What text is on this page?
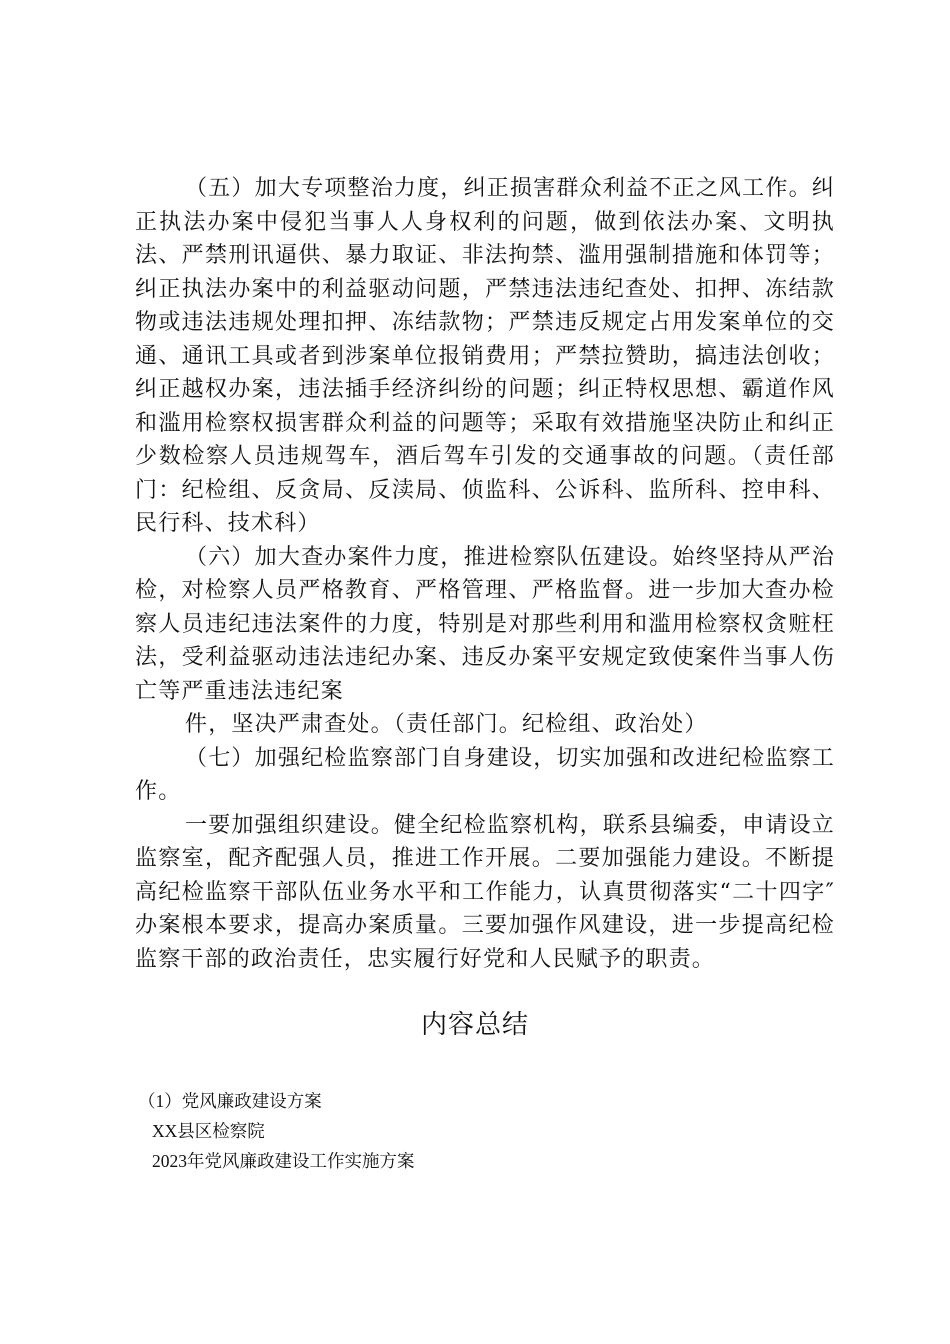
（五）加大专项整治力度，纠正损害群众利益不正之风工作。纠正执法办案中侵犯当事人人身权利的问题，做到依法办案、文明执法、严禁刑讯逼供、暴力取证、非法拘禁、滥用强制措施和体罚等；纠正执法办案中的利益驱动问题，严禁违法违纪查处、扣押、冻结款物或违法违规处理扣押、冻结款物；严禁违反规定占用发案单位的交通、通讯工具或者到涉案单位报销费用；严禁拉赞助，搞违法创收；纠正越权办案，违法插手经济纠纷的问题；纠正特权思想、霸道作风和滥用检察权损害群众利益的问题等；采取有效措施坚决防止和纠正少数检察人员违规驾车，酒后驾车引发的交通事故的问题。（责任部门：纪检组、反贪局、反渎局、侦监科、公诉科、监所科、控申科、民行科、技术科）

（六）加大查办案件力度，推进检察队伍建设。始终坚持从严治检，对检察人员严格教育、严格管理、严格监督。进一步加大查办检察人员违纪违法案件的力度，特别是对那些利用和滥用检察权贪赃枉法，受利益驱动违法违纪办案、违反办案平安规定致使案件当事人伤亡等严重违法违纪案

件，坚决严肃查处。（责任部门。纪检组、政治处）

（七）加强纪检监察部门自身建设，切实加强和改进纪检监察工作。

一要加强组织建设。健全纪检监察机构，联系县编委，申请设立监察室，配齐配强人员，推进工作开展。二要加强能力建设。不断提高纪检监察干部队伍业务水平和工作能力，认真贯彻落实“二十四字″办案根本要求，提高办案质量。三要加强作风建设，进一步提高纪检监察干部的政治责任，忠实履行好党和人民赋予的职责。

内容总结
（1）党风廉政建设方案
XX县区检察院
2023年党风廉政建设工作实施方案
